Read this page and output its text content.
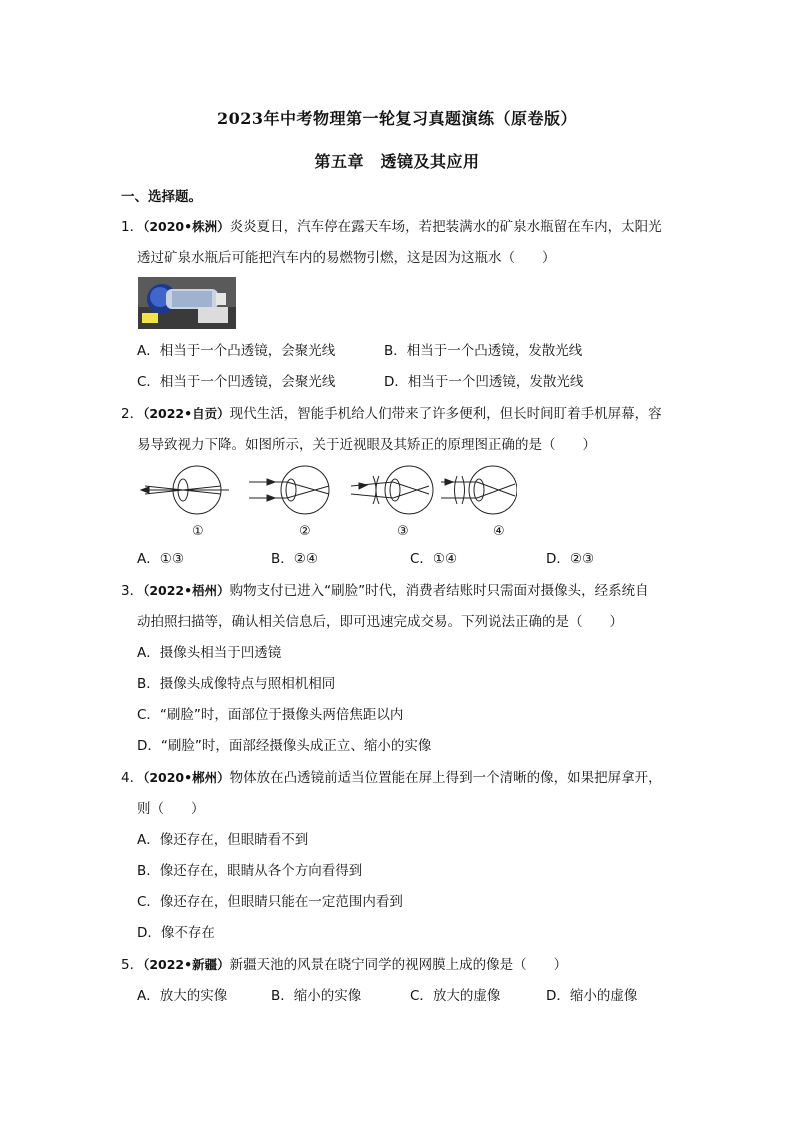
2023年中考物理第一轮复习真题演练（原卷版）
第五章　透镜及其应用
一、选择题。
1．（2020•株洲）炎炎夏日，汽车停在露天车场，若把装满水的矿泉水瓶留在车内，太阳光
透过矿泉水瓶后可能把汽车内的易燃物引燃，这是因为这瓶水（　　）
A．相当于一个凸透镜，会聚光线	B．相当于一个凸透镜，发散光线
C．相当于一个凹透镜，会聚光线	D．相当于一个凹透镜，发散光线
2．（2022•自贡）现代生活，智能手机给人们带来了许多便利，但长时间盯着手机屏幕，容
易导致视力下降。如图所示，关于近视眼及其矫正的原理图正确的是（　　）
①	②	③	④
A．①③	B．②④	C．①④	D．②③
3．（2022•梧州）购物支付已进入“刷脸”时代，消费者结账时只需面对摄像头，经系统自
动拍照扫描等，确认相关信息后，即可迅速完成交易。下列说法正确的是（　　）
A．摄像头相当于凹透镜
B．摄像头成像特点与照相机相同
C．“刷脸”时，面部位于摄像头两倍焦距以内
D．“刷脸”时，面部经摄像头成正立、缩小的实像
4．（2020•郴州）物体放在凸透镜前适当位置能在屏上得到一个清晰的像，如果把屏拿开，
则（　　）
A．像还存在，但眼睛看不到
B．像还存在，眼睛从各个方向看得到
C．像还存在，但眼睛只能在一定范围内看到
D．像不存在
5．（2022•新疆）新疆天池的风景在晓宁同学的视网膜上成的像是（　　）
A．放大的实像	B．缩小的实像	C．放大的虚像	D．缩小的虚像
